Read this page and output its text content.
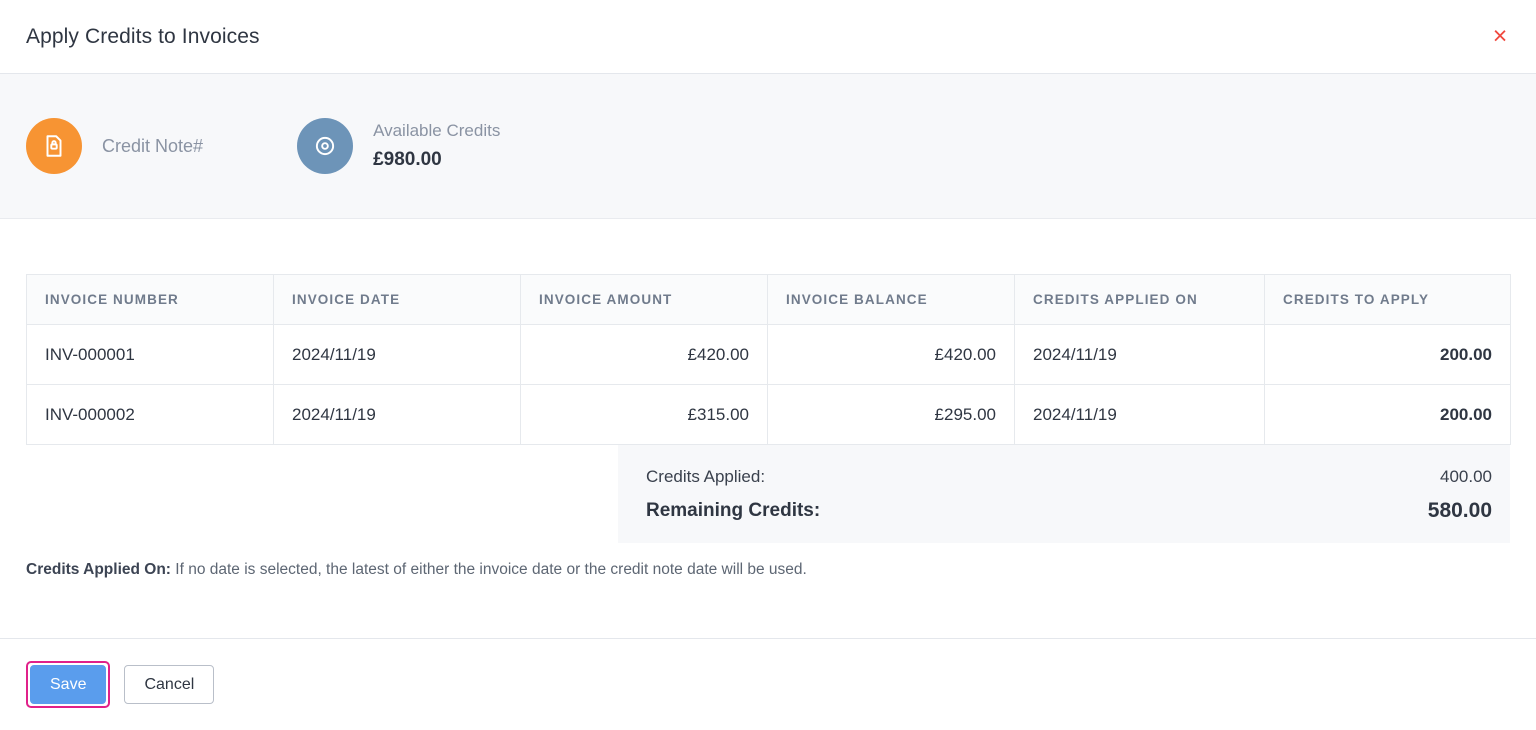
Apply Credits to Invoices	×
Credit Note#
Available Credits
£980.00
INVOICE NUMBER	INVOICE DATE	INVOICE AMOUNT	INVOICE BALANCE	CREDITS APPLIED ON	CREDITS TO APPLY
INV-000001	2024/11/19	£420.00	£420.00	2024/11/19	200.00
INV-000002	2024/11/19	£315.00	£295.00	2024/11/19	200.00
Credits Applied:	400.00
Remaining Credits:	580.00
Credits Applied On: If no date is selected, the latest of either the invoice date or the credit note date will be used.
Save	Cancel
